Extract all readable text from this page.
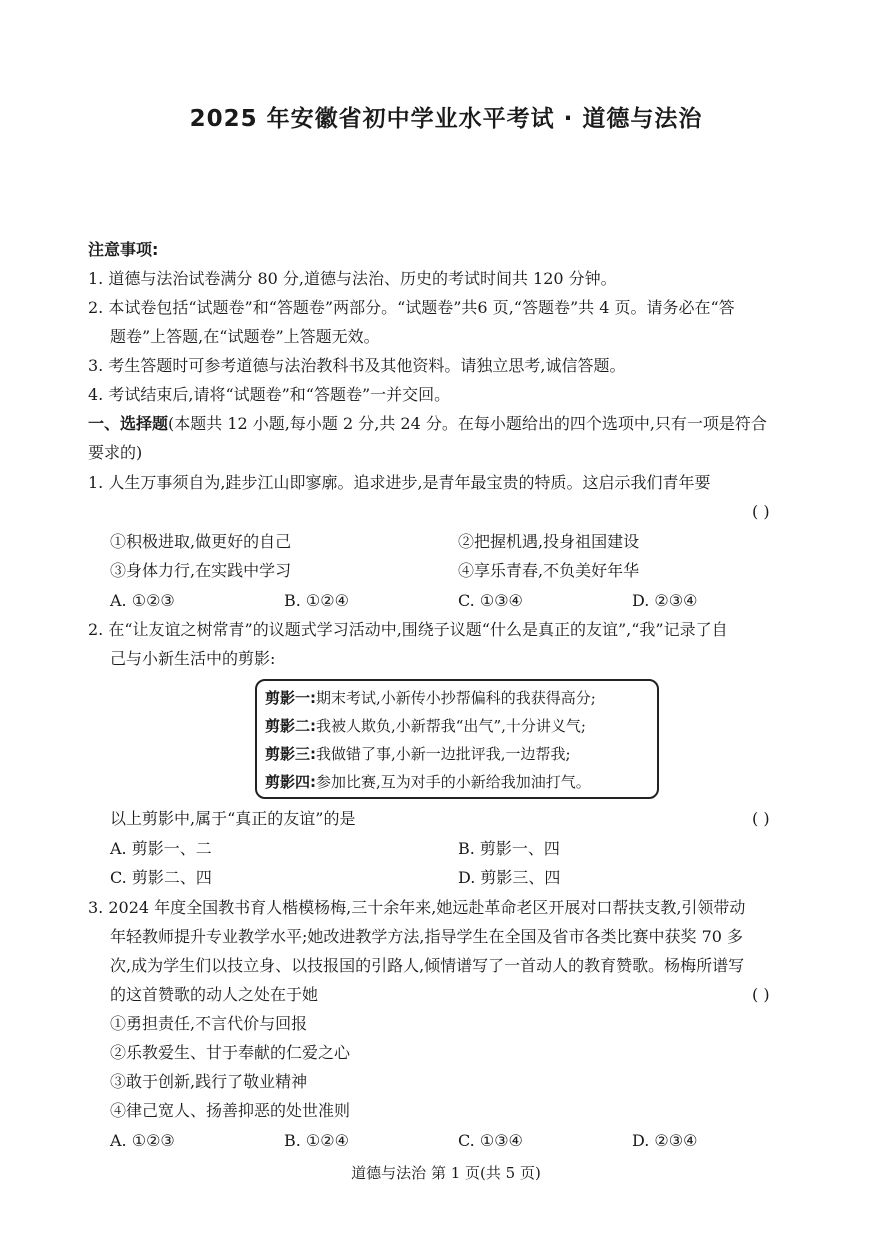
2025 年安徽省初中学业水平考试 · 道德与法治
注意事项:
1. 道德与法治试卷满分 80 分,道德与法治、历史的考试时间共 120 分钟。
2. 本试卷包括“试题卷”和“答题卷”两部分。“试题卷”共6 页,“答题卷”共 4 页。请务必在“答
题卷”上答题,在“试题卷”上答题无效。
3. 考生答题时可参考道德与法治教科书及其他资料。请独立思考,诚信答题。
4. 考试结束后,请将“试题卷”和“答题卷”一并交回。
一、选择题(本题共 12 小题,每小题 2 分,共 24 分。在每小题给出的四个选项中,只有一项是符合
要求的)
1. 人生万事须自为,跬步江山即寥廓。追求进步,是青年最宝贵的特质。这启示我们青年要
( )
①积极进取,做更好的自己	②把握机遇,投身祖国建设
③身体力行,在实践中学习	④享乐青春,不负美好年华
A. ①②③	B. ①②④	C. ①③④	D. ②③④
2. 在“让友谊之树常青”的议题式学习活动中,围绕子议题“什么是真正的友谊”,“我”记录了自
己与小新生活中的剪影:
剪影一:期末考试,小新传小抄帮偏科的我获得高分;
剪影二:我被人欺负,小新帮我“出气”,十分讲义气;
剪影三:我做错了事,小新一边批评我,一边帮我;
剪影四:参加比赛,互为对手的小新给我加油打气。
以上剪影中,属于“真正的友谊”的是	( )
A. 剪影一、二	B. 剪影一、四
C. 剪影二、四	D. 剪影三、四
3. 2024 年度全国教书育人楷模杨梅,三十余年来,她远赴革命老区开展对口帮扶支教,引领带动
年轻教师提升专业教学水平;她改进教学方法,指导学生在全国及省市各类比赛中获奖 70 多
次,成为学生们以技立身、以技报国的引路人,倾情谱写了一首动人的教育赞歌。杨梅所谱写
的这首赞歌的动人之处在于她	( )
①勇担责任,不言代价与回报
②乐教爱生、甘于奉献的仁爱之心
③敢于创新,践行了敬业精神
④律己宽人、扬善抑恶的处世准则
A. ①②③	B. ①②④	C. ①③④	D. ②③④
道德与法治 第 1 页(共 5 页)
